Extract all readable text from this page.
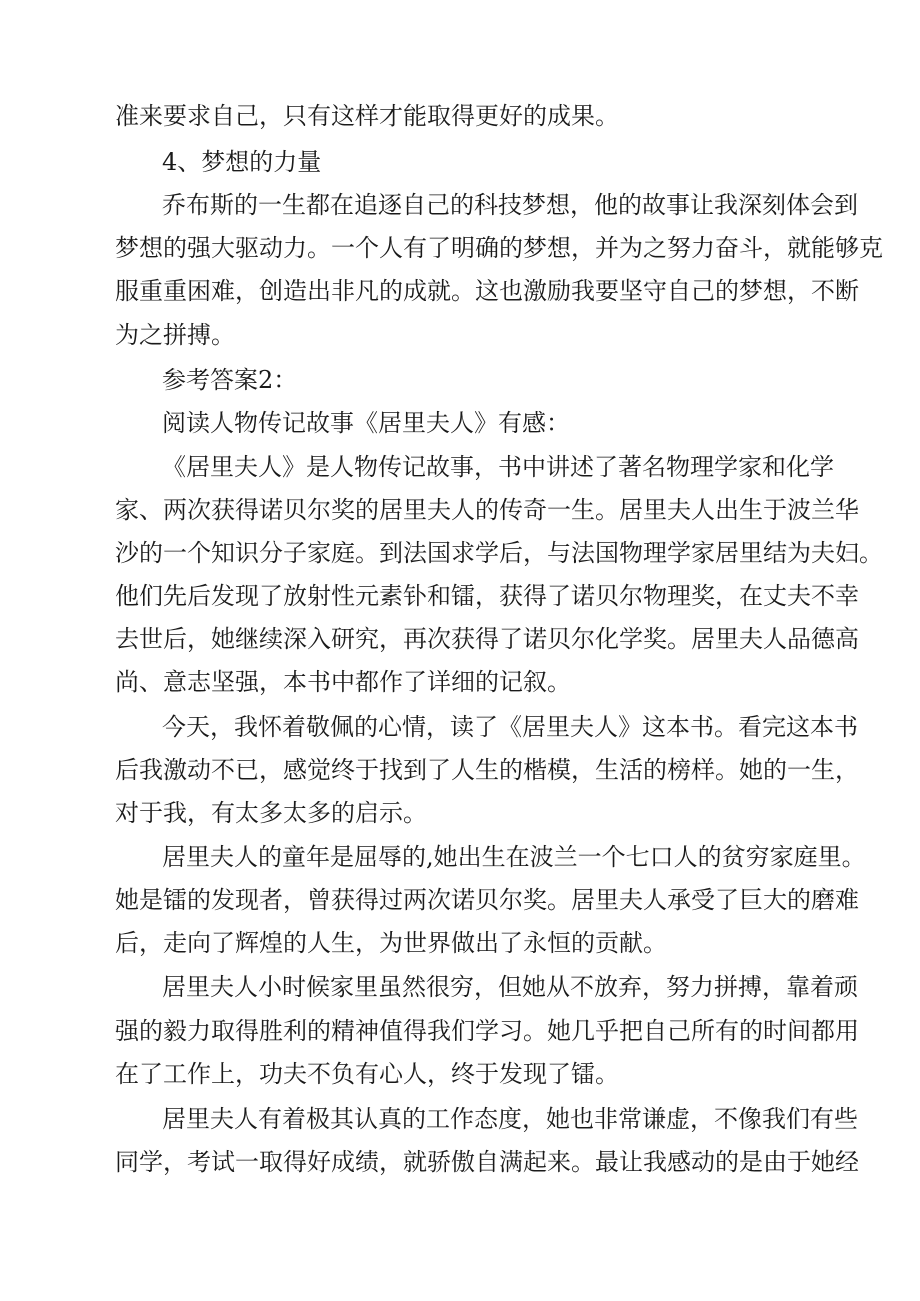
准来要求自己，只有这样才能取得更好的成果。
4、梦想的力量
乔布斯的一生都在追逐自己的科技梦想，他的故事让我深刻体会到
梦想的强大驱动力。一个人有了明确的梦想，并为之努力奋斗，就能够克
服重重困难，创造出非凡的成就。这也激励我要坚守自己的梦想，不断
为之拼搏。
参考答案2：
阅读人物传记故事《居里夫人》有感：
《居里夫人》是人物传记故事，书中讲述了著名物理学家和化学
家、两次获得诺贝尔奖的居里夫人的传奇一生。居里夫人出生于波兰华
沙的一个知识分子家庭。到法国求学后，与法国物理学家居里结为夫妇。
他们先后发现了放射性元素钋和镭，获得了诺贝尔物理奖，在丈夫不幸
去世后，她继续深入研究，再次获得了诺贝尔化学奖。居里夫人品德高
尚、意志坚强，本书中都作了详细的记叙。
今天，我怀着敬佩的心情，读了《居里夫人》这本书。看完这本书
后我激动不已，感觉终于找到了人生的楷模，生活的榜样。她的一生，
对于我，有太多太多的启示。
居里夫人的童年是屈辱的,她出生在波兰一个七口人的贫穷家庭里。
她是镭的发现者，曾获得过两次诺贝尔奖。居里夫人承受了巨大的磨难
后，走向了辉煌的人生，为世界做出了永恒的贡献。
居里夫人小时候家里虽然很穷，但她从不放弃，努力拼搏，靠着顽
强的毅力取得胜利的精神值得我们学习。她几乎把自己所有的时间都用
在了工作上，功夫不负有心人，终于发现了镭。
居里夫人有着极其认真的工作态度，她也非常谦虚，不像我们有些
同学，考试一取得好成绩，就骄傲自满起来。最让我感动的是由于她经
